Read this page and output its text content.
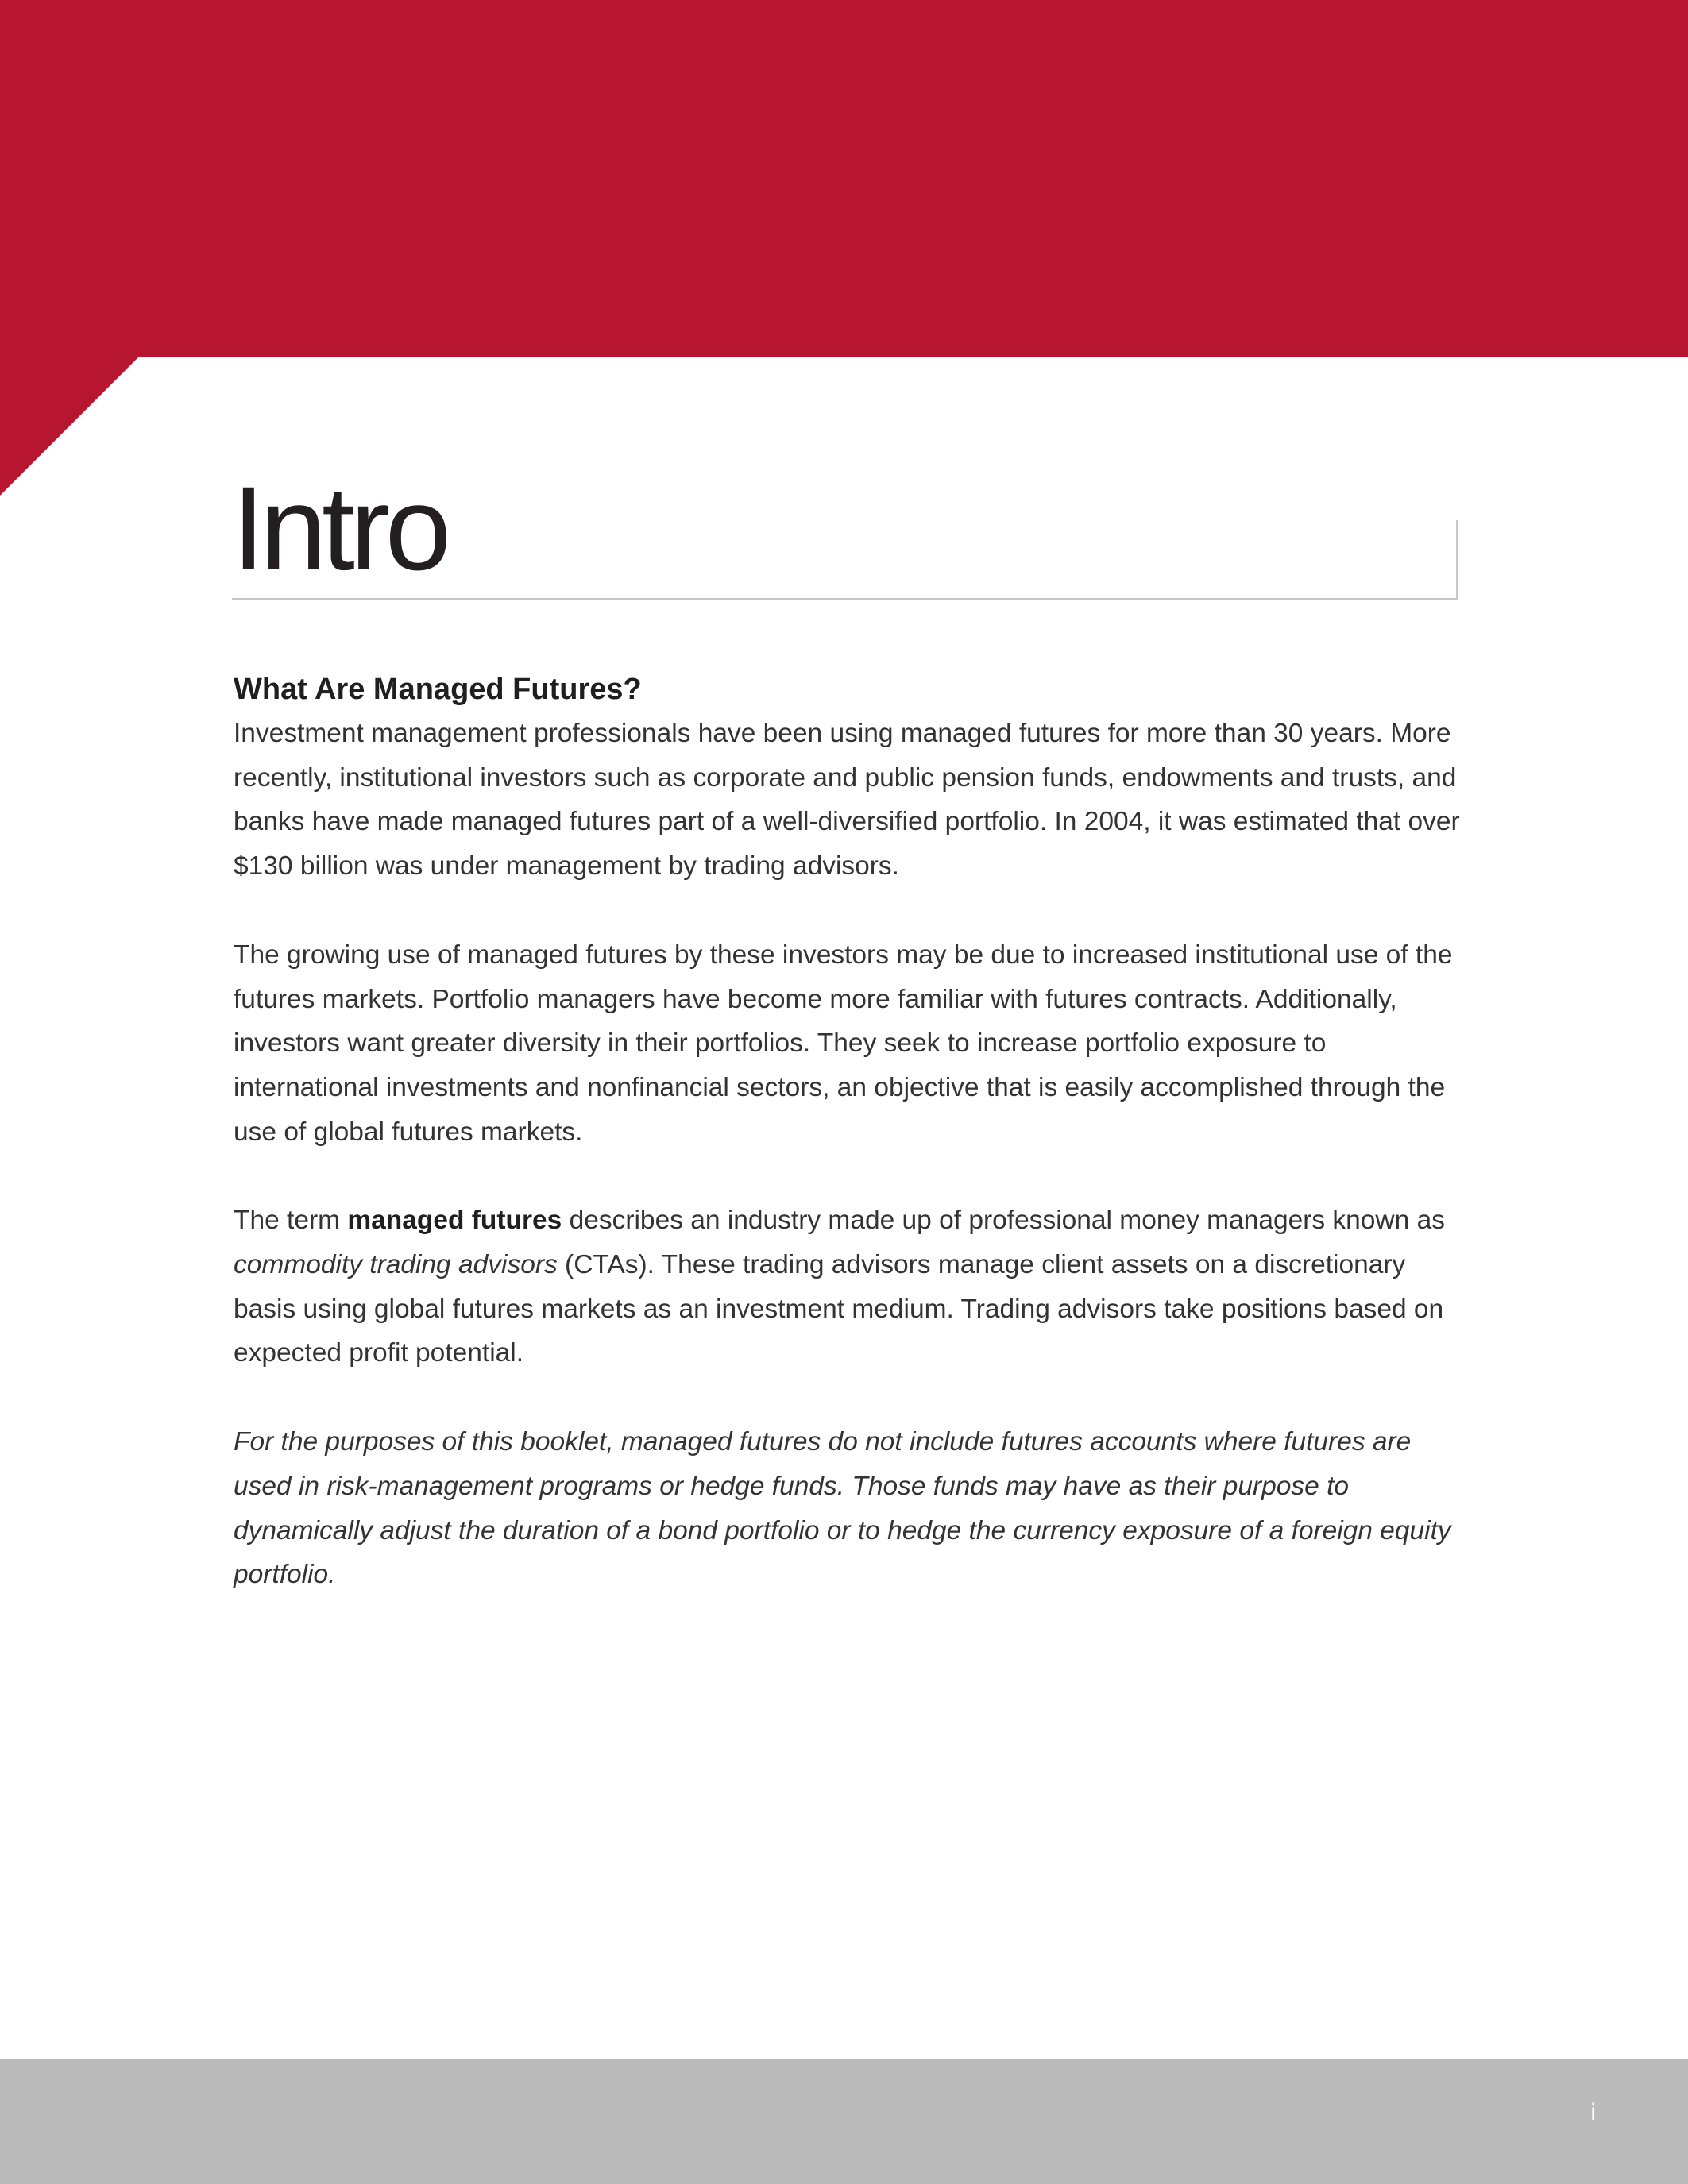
Intro
What Are Managed Futures?

Investment management professionals have been using managed futures for more than 30 years. More recently, institutional investors such as corporate and public pension funds, endowments and trusts, and banks have made managed futures part of a well-diversified portfolio. In 2004, it was estimated that over $130 billion was under management by trading advisors.

The growing use of managed futures by these investors may be due to increased institutional use of the futures markets. Portfolio managers have become more familiar with futures contracts. Additionally, investors want greater diversity in their portfolios. They seek to increase portfolio exposure to international investments and nonfinancial sectors, an objective that is easily accomplished through the use of global futures markets.

The term managed futures describes an industry made up of professional money managers known as commodity trading advisors (CTAs). These trading advisors manage client assets on a discretionary basis using global futures markets as an investment medium. Trading advisors take positions based on expected profit potential.

For the purposes of this booklet, managed futures do not include futures accounts where futures are used in risk-management programs or hedge funds. Those funds may have as their purpose to dynamically adjust the duration of a bond portfolio or to hedge the currency exposure of a foreign equity portfolio.

i
